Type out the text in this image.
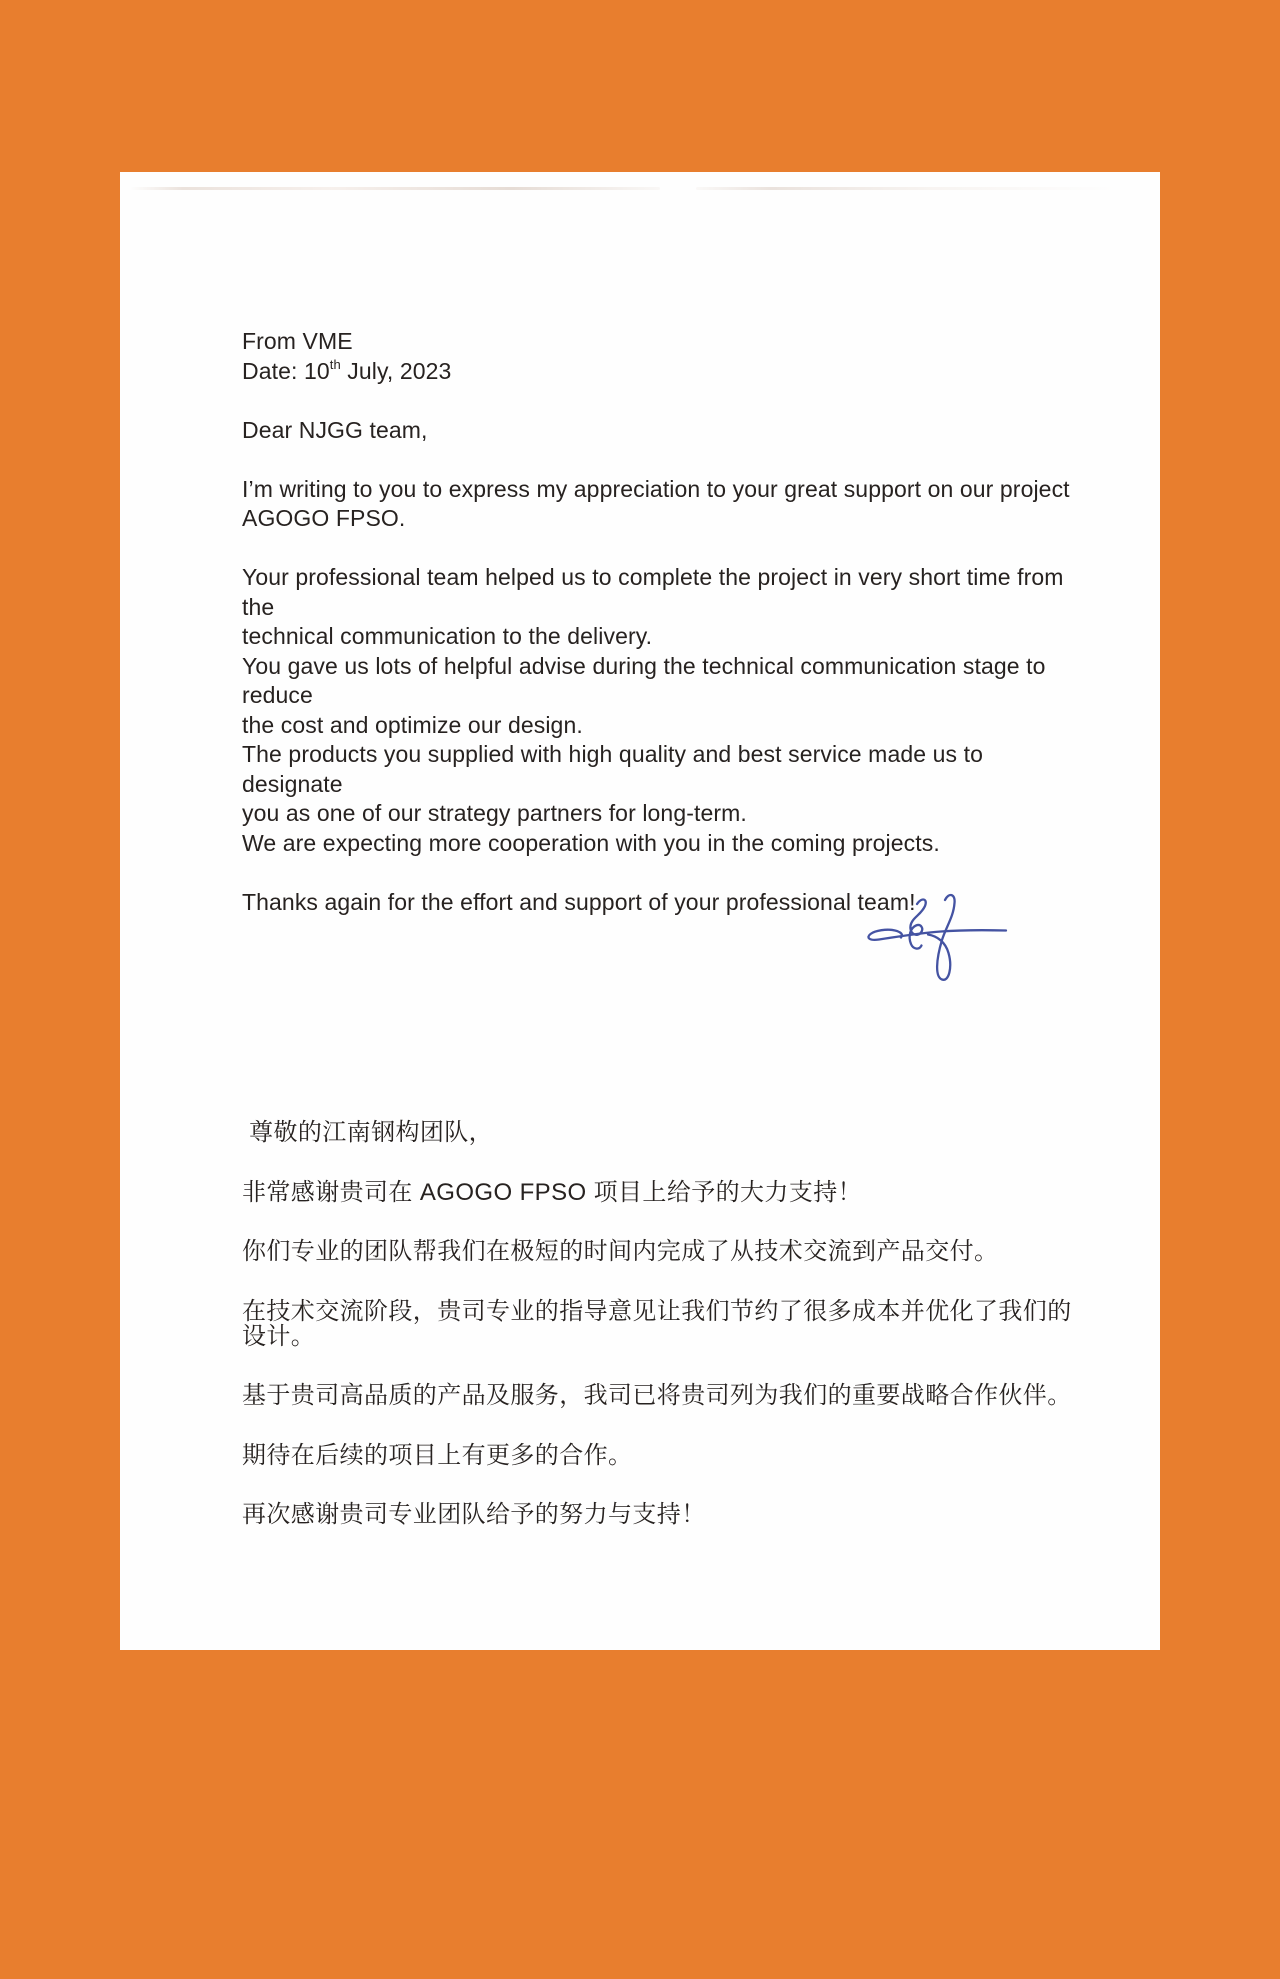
From VME
Date: 10th July, 2023

Dear NJGG team,

I’m writing to you to express my appreciation to your great support on our project
AGOGO FPSO.

Your professional team helped us to complete the project in very short time from the
technical communication to the delivery.
You gave us lots of helpful advise during the technical communication stage to reduce
the cost and optimize our design.
The products you supplied with high quality and best service made us to designate
you as one of our strategy partners for long-term.
We are expecting more cooperation with you in the coming projects.

Thanks again for the effort and support of your professional team!
尊敬的江南钢构团队，
非常感谢贵司在 AGOGO FPSO 项目上给予的大力支持！
你们专业的团队帮我们在极短的时间内完成了从技术交流到产品交付。
在技术交流阶段，贵司专业的指导意见让我们节约了很多成本并优化了我们的设计。
基于贵司高品质的产品及服务，我司已将贵司列为我们的重要战略合作伙伴。
期待在后续的项目上有更多的合作。
再次感谢贵司专业团队给予的努力与支持！
